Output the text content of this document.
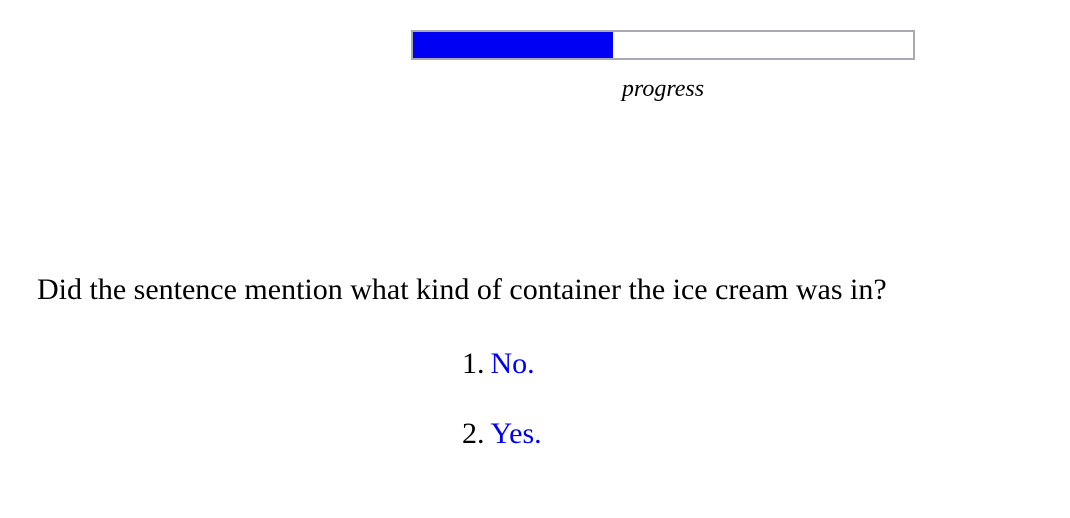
progress
Did the sentence mention what kind of container the ice cream was in?
1. No.
2. Yes.
